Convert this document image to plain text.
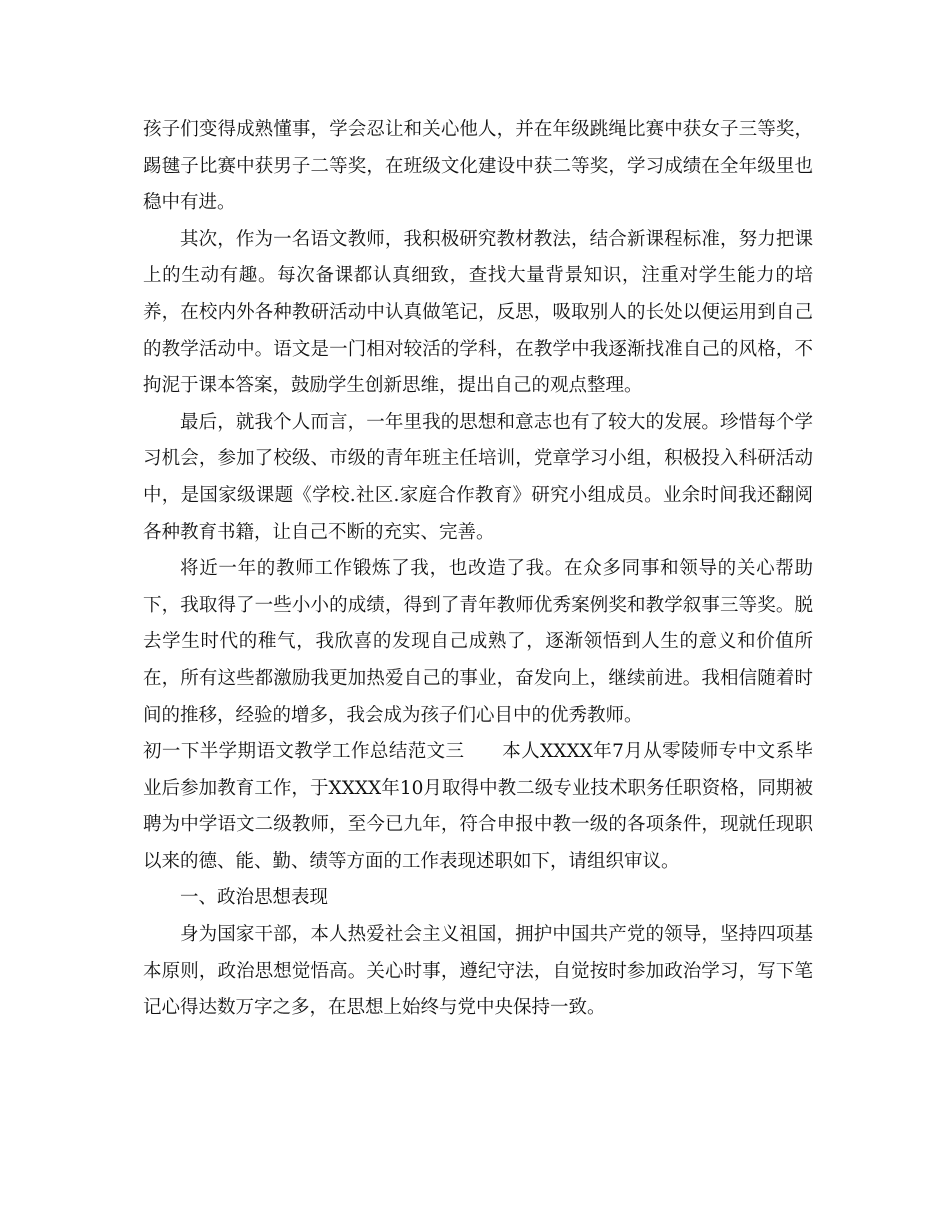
孩子们变得成熟懂事，学会忍让和关心他人，并在年级跳绳比赛中获女子三等奖，踢毽子比赛中获男子二等奖，在班级文化建设中获二等奖，学习成绩在全年级里也稳中有进。

其次，作为一名语文教师，我积极研究教材教法，结合新课程标准，努力把课上的生动有趣。每次备课都认真细致，查找大量背景知识，注重对学生能力的培养，在校内外各种教研活动中认真做笔记，反思，吸取别人的长处以便运用到自己的教学活动中。语文是一门相对较活的学科，在教学中我逐渐找准自己的风格，不拘泥于课本答案，鼓励学生创新思维，提出自己的观点整理。

最后，就我个人而言，一年里我的思想和意志也有了较大的发展。珍惜每个学习机会，参加了校级、市级的青年班主任培训，党章学习小组，积极投入科研活动中，是国家级课题《学校.社区.家庭合作教育》研究小组成员。业余时间我还翻阅各种教育书籍，让自己不断的充实、完善。

将近一年的教师工作锻炼了我，也改造了我。在众多同事和领导的关心帮助下，我取得了一些小小的成绩，得到了青年教师优秀案例奖和教学叙事三等奖。脱去学生时代的稚气，我欣喜的发现自己成熟了，逐渐领悟到人生的意义和价值所在，所有这些都激励我更加热爱自己的事业，奋发向上，继续前进。我相信随着时间的推移，经验的增多，我会成为孩子们心目中的优秀教师。

初一下半学期语文教学工作总结范文三　　本人XXXX年7月从零陵师专中文系毕业后参加教育工作，于XXXX年10月取得中教二级专业技术职务任职资格，同期被聘为中学语文二级教师，至今已九年，符合申报中教一级的各项条件，现就任现职以来的德、能、勤、绩等方面的工作表现述职如下，请组织审议。

一、政治思想表现

身为国家干部，本人热爱社会主义祖国，拥护中国共产党的领导，坚持四项基本原则，政治思想觉悟高。关心时事，遵纪守法，自觉按时参加政治学习，写下笔记心得达数万字之多，在思想上始终与党中央保持一致。
